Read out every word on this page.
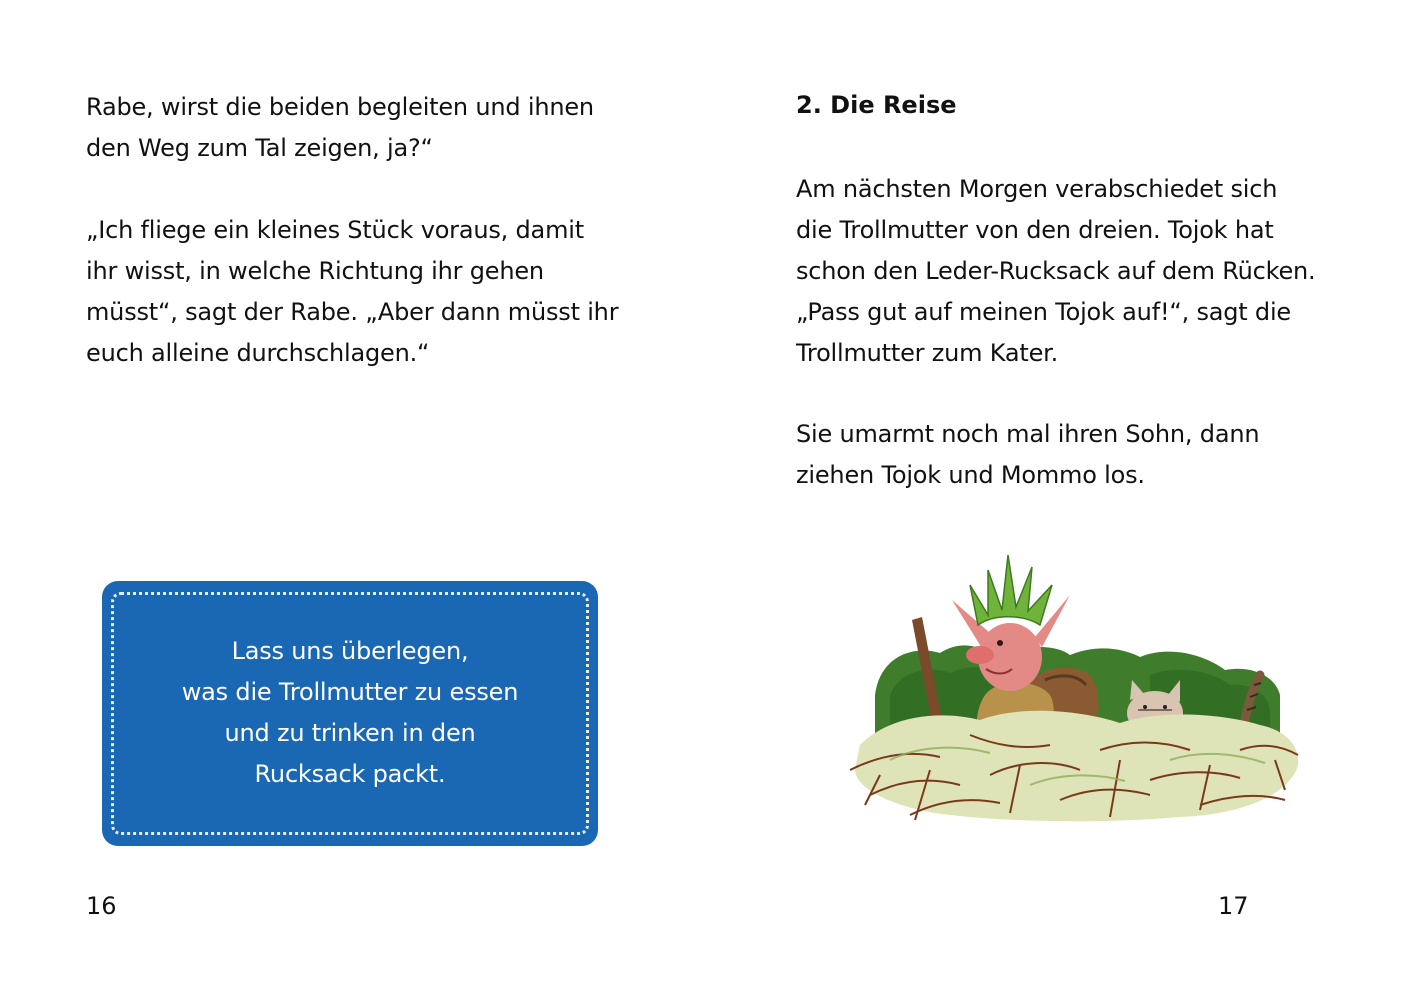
Rabe, wirst die beiden begleiten und ihnen
den Weg zum Tal zeigen, ja?“

„Ich fliege ein kleines Stück voraus, damit
ihr wisst, in welche Richtung ihr gehen
müsst“, sagt der Rabe. „Aber dann müsst ihr
euch alleine durchschlagen.“

Lass uns überlegen,
was die Trollmutter zu essen
und zu trinken in den
Rucksack packt.

16
2. Die Reise

Am nächsten Morgen verabschiedet sich
die Trollmutter von den dreien. Tojok hat
schon den Leder-Rucksack auf dem Rücken.
„Pass gut auf meinen Tojok auf!“, sagt die
Trollmutter zum Kater.

Sie umarmt noch mal ihren Sohn, dann
ziehen Tojok und Mommo los.

17
